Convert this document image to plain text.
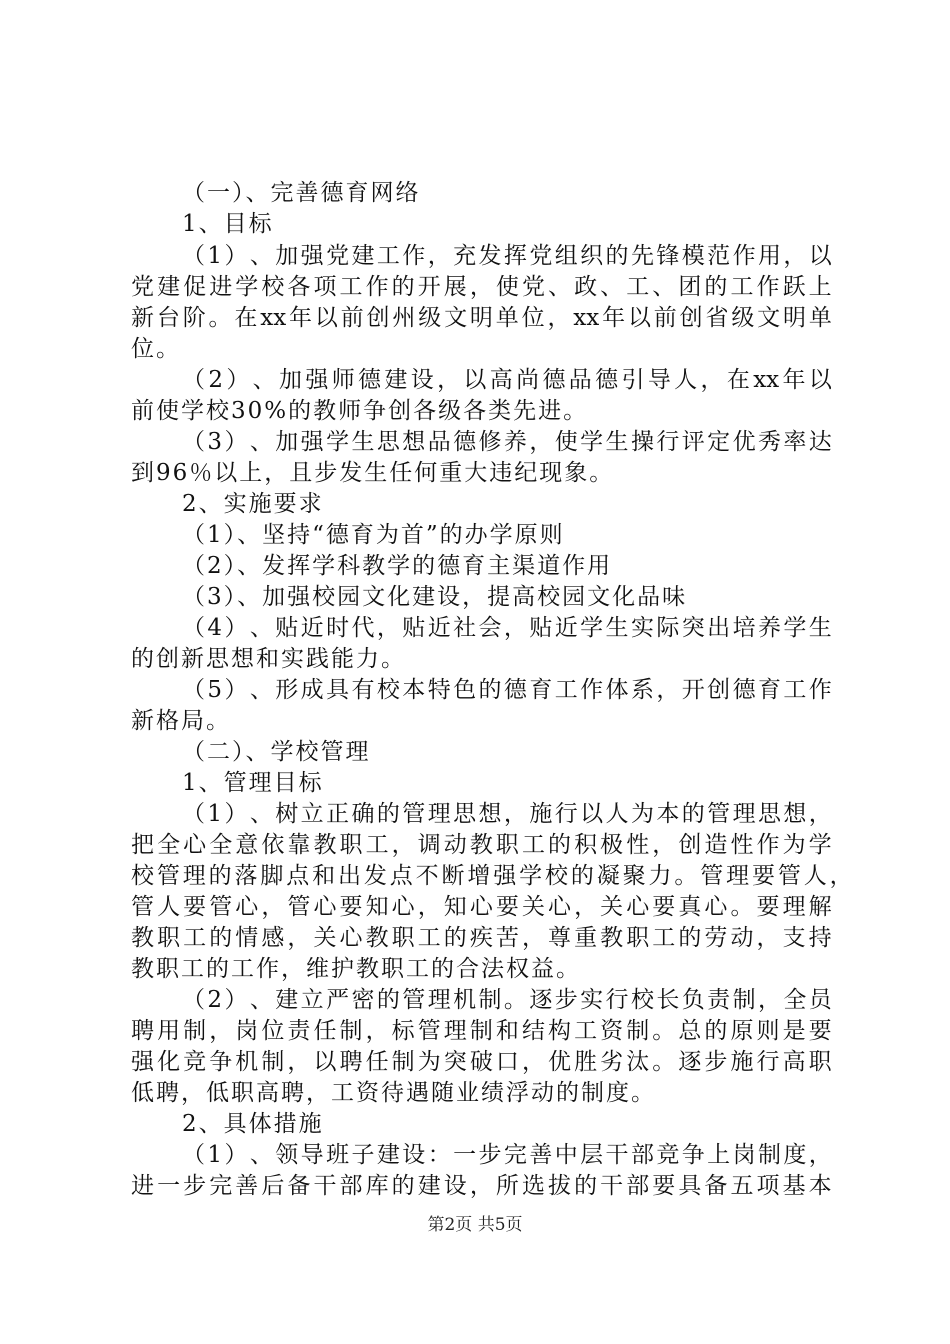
（一）、完善德育网络
1、目标
（ 1 ） 、 加 强 党 建 工 作 ， 充 发 挥 党 组 织 的 先 锋 模 范 作 用 ， 以
党 建 促 进 学 校 各 项 工 作 的 开 展 ， 使 党 、 政 、 工 、 团 的 工 作 跃 上
新 台 阶 。 在 xx 年 以 前 创 州 级 文 明 单 位 ， xx 年 以 前 创 省 级 文 明 单
位。
（ 2 ） 、 加 强 师 德 建 设 ， 以 高 尚 德 品 德 引 导 人 ， 在 xx 年 以
前使学校30%的教师争创各级各类先进。
（ 3 ） 、 加 强 学 生 思 想 品 德 修 养 ， 使 学 生 操 行 评 定 优 秀 率 达
到96％以上，且步发生任何重大违纪现象。
2、实施要求
（1）、坚持“德育为首”的办学原则
（2）、发挥学科教学的德育主渠道作用
（3）、加强校园文化建设，提高校园文化品味
（ 4 ） 、 贴 近 时 代 ， 贴 近 社 会 ， 贴 近 学 生 实 际 突 出 培 养 学 生
的创新思想和实践能力。
（ 5 ） 、 形 成 具 有 校 本 特 色 的 德 育 工 作 体 系 ， 开 创 德 育 工 作
新格局。
（二）、学校管理
1、管理目标
（ 1 ） 、 树 立 正 确 的 管 理 思 想 ， 施 行 以 人 为 本 的 管 理 思 想 ，
把 全 心 全 意 依 靠 教 职 工 ， 调 动 教 职 工 的 积 极 性 ， 创 造 性 作 为 学
校 管 理 的 落 脚 点 和 出 发 点 不 断 增 强 学 校 的 凝 聚 力 。 管 理 要 管 人 ，
管 人 要 管 心 ， 管 心 要 知 心 ， 知 心 要 关 心 ， 关 心 要 真 心 。 要 理 解
教 职 工 的 情 感 ， 关 心 教 职 工 的 疾 苦 ， 尊 重 教 职 工 的 劳 动 ， 支 持
教职工的工作，维护教职工的合法权益。
（ 2 ） 、 建 立 严 密 的 管 理 机 制 。 逐 步 实 行 校 长 负 责 制 ， 全 员
聘 用 制 ， 岗 位 责 任 制 ， 标 管 理 制 和 结 构 工 资 制 。 总 的 原 则 是 要
强 化 竞 争 机 制 ， 以 聘 任 制 为 突 破 口 ， 优 胜 劣 汰 。 逐 步 施 行 高 职
低聘，低职高聘，工资待遇随业绩浮动的制度。
2、具体措施
（ 1 ） 、 领 导 班 子 建 设 ： 一 步 完 善 中 层 干 部 竞 争 上 岗 制 度 ，
进 一 步 完 善 后 备 干 部 库 的 建 设 ， 所 选 拔 的 干 部 要 具 备 五 项 基 本
第2页 共5页
